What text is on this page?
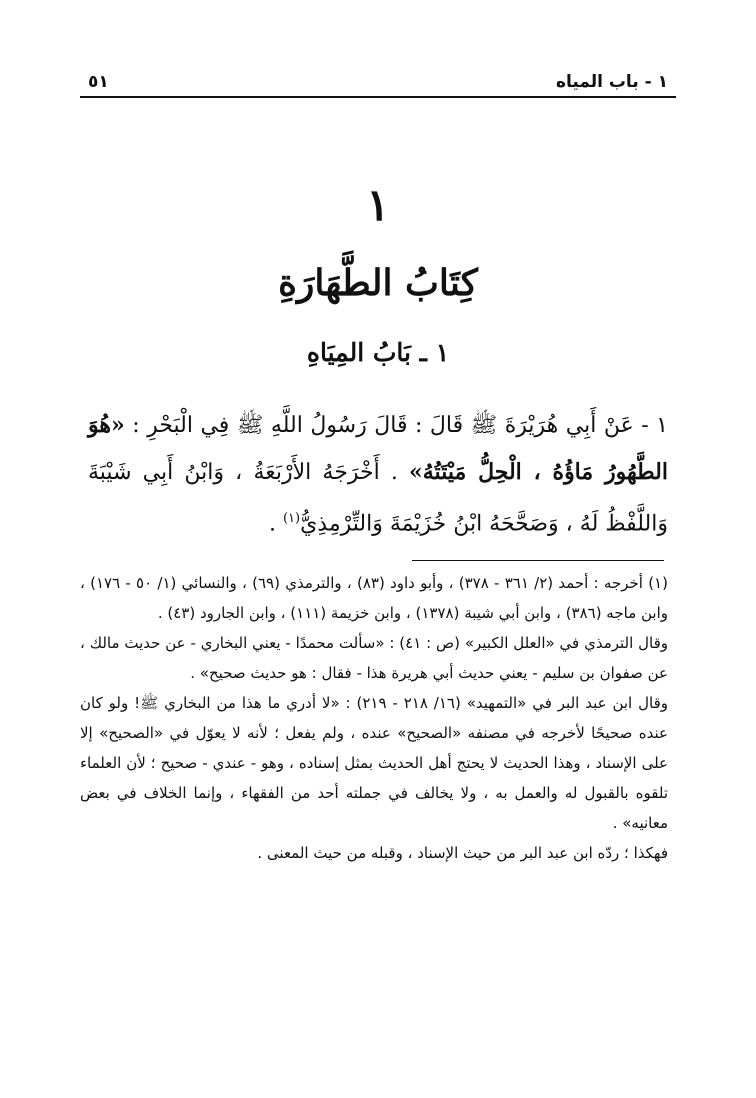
١ - باب المياه
٥١
١
كِتَابُ الطَّهَارَةِ
١ ـ بَابُ المِيَاهِ
١ - عَنْ أَبِي هُرَيْرَةَ ﷺ قَالَ : قَالَ رَسُولُ اللَّهِ ﷺ فِي الْبَحْرِ : «هُوَ الطَّهُورُ مَاؤُهُ ، الْحِلُّ مَيْتَتُهُ» . أَخْرَجَهُ الأَرْبَعَةُ ، وَابْنُ أَبِي شَيْبَةَ وَاللَّفْظُ لَهُ ، وَصَحَّحَهُ ابْنُ خُزَيْمَةَ وَالتِّرْمِذِيُّ$^{(١)}$ .

(١) أخرجه : أحمد (٢/ ٣٦١ - ٣٧٨) ، وأبو داود (٨٣) ، والترمذي (٦٩) ، والنسائي (١/ ٥٠ - ١٧٦) ، وابن ماجه (٣٨٦) ، وابن أبي شيبة (١٣٧٨) ، وابن خزيمة (١١١) ، وابن الجارود (٤٣) .

وقال الترمذي في «العلل الكبير» (ص : ٤١) : «سألت محمدًا - يعني البخاري - عن حديث مالك ، عن صفوان بن سليم - يعني حديث أبي هريرة هذا - فقال : هو حديث صحيح» .

وقال ابن عبد البر في «التمهيد» (١٦/ ٢١٨ - ٢١٩) : «لا أدري ما هذا من البخاري ﷺ! ولو كان عنده صحيحًا لأخرجه في مصنفه «الصحيح» عنده ، ولم يفعل ؛ لأنه لا يعوّل في «الصحيح» إلا على الإسناد ، وهذا الحديث لا يحتج أهل الحديث بمثل إسناده ، وهو - عندي - صحيح ؛ لأن العلماء تلقوه بالقبول له والعمل به ، ولا يخالف في جملته أحد من الفقهاء ، وإنما الخلاف في بعض معانيه» .

فهكذا ؛ ردّه ابن عبد البر من حيث الإسناد ، وقبله من حيث المعنى .
